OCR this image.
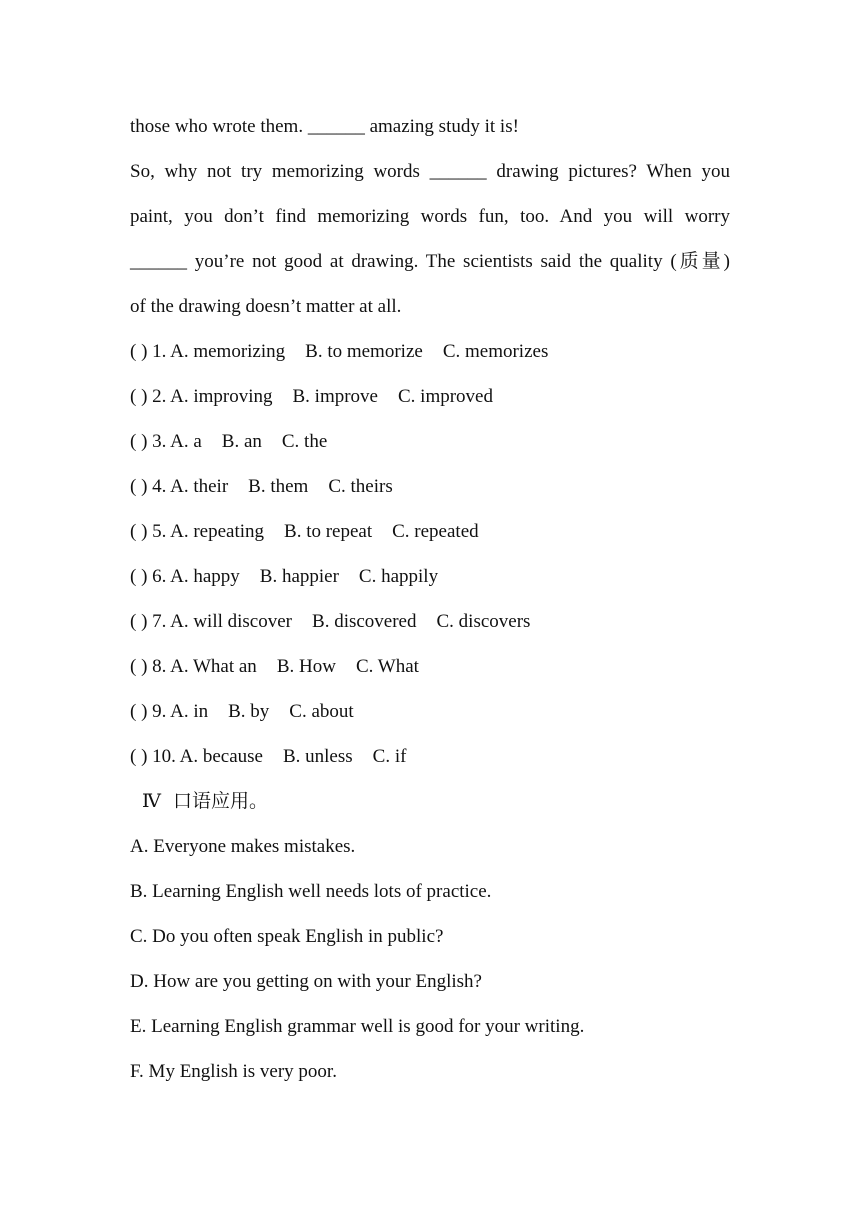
those who wrote them. ______ amazing study it is!
So, why not try memorizing words ______ drawing pictures? When you
paint, you don’t find memorizing words fun, too. And you will worry
______ you’re not good at drawing. The scientists said the quality (质量)
of the drawing doesn’t matter at all.
( ) 1. A. memorizing B. to memorize C. memorizes
( ) 2. A. improving B. improve C. improved
( ) 3. A. a B. an C. the
( ) 4. A. their B. them C. theirs
( ) 5. A. repeating B. to repeat C. repeated
( ) 6. A. happy B. happier C. happily
( ) 7. A. will discover B. discovered C. discovers
( ) 8. A. What an B. How C. What
( ) 9. A. in B. by C. about
( ) 10. A. because B. unless C. if
Ⅳ 口语应用。
A. Everyone makes mistakes.
B. Learning English well needs lots of practice.
C. Do you often speak English in public?
D. How are you getting on with your English?
E. Learning English grammar well is good for your writing.
F. My English is very poor.
